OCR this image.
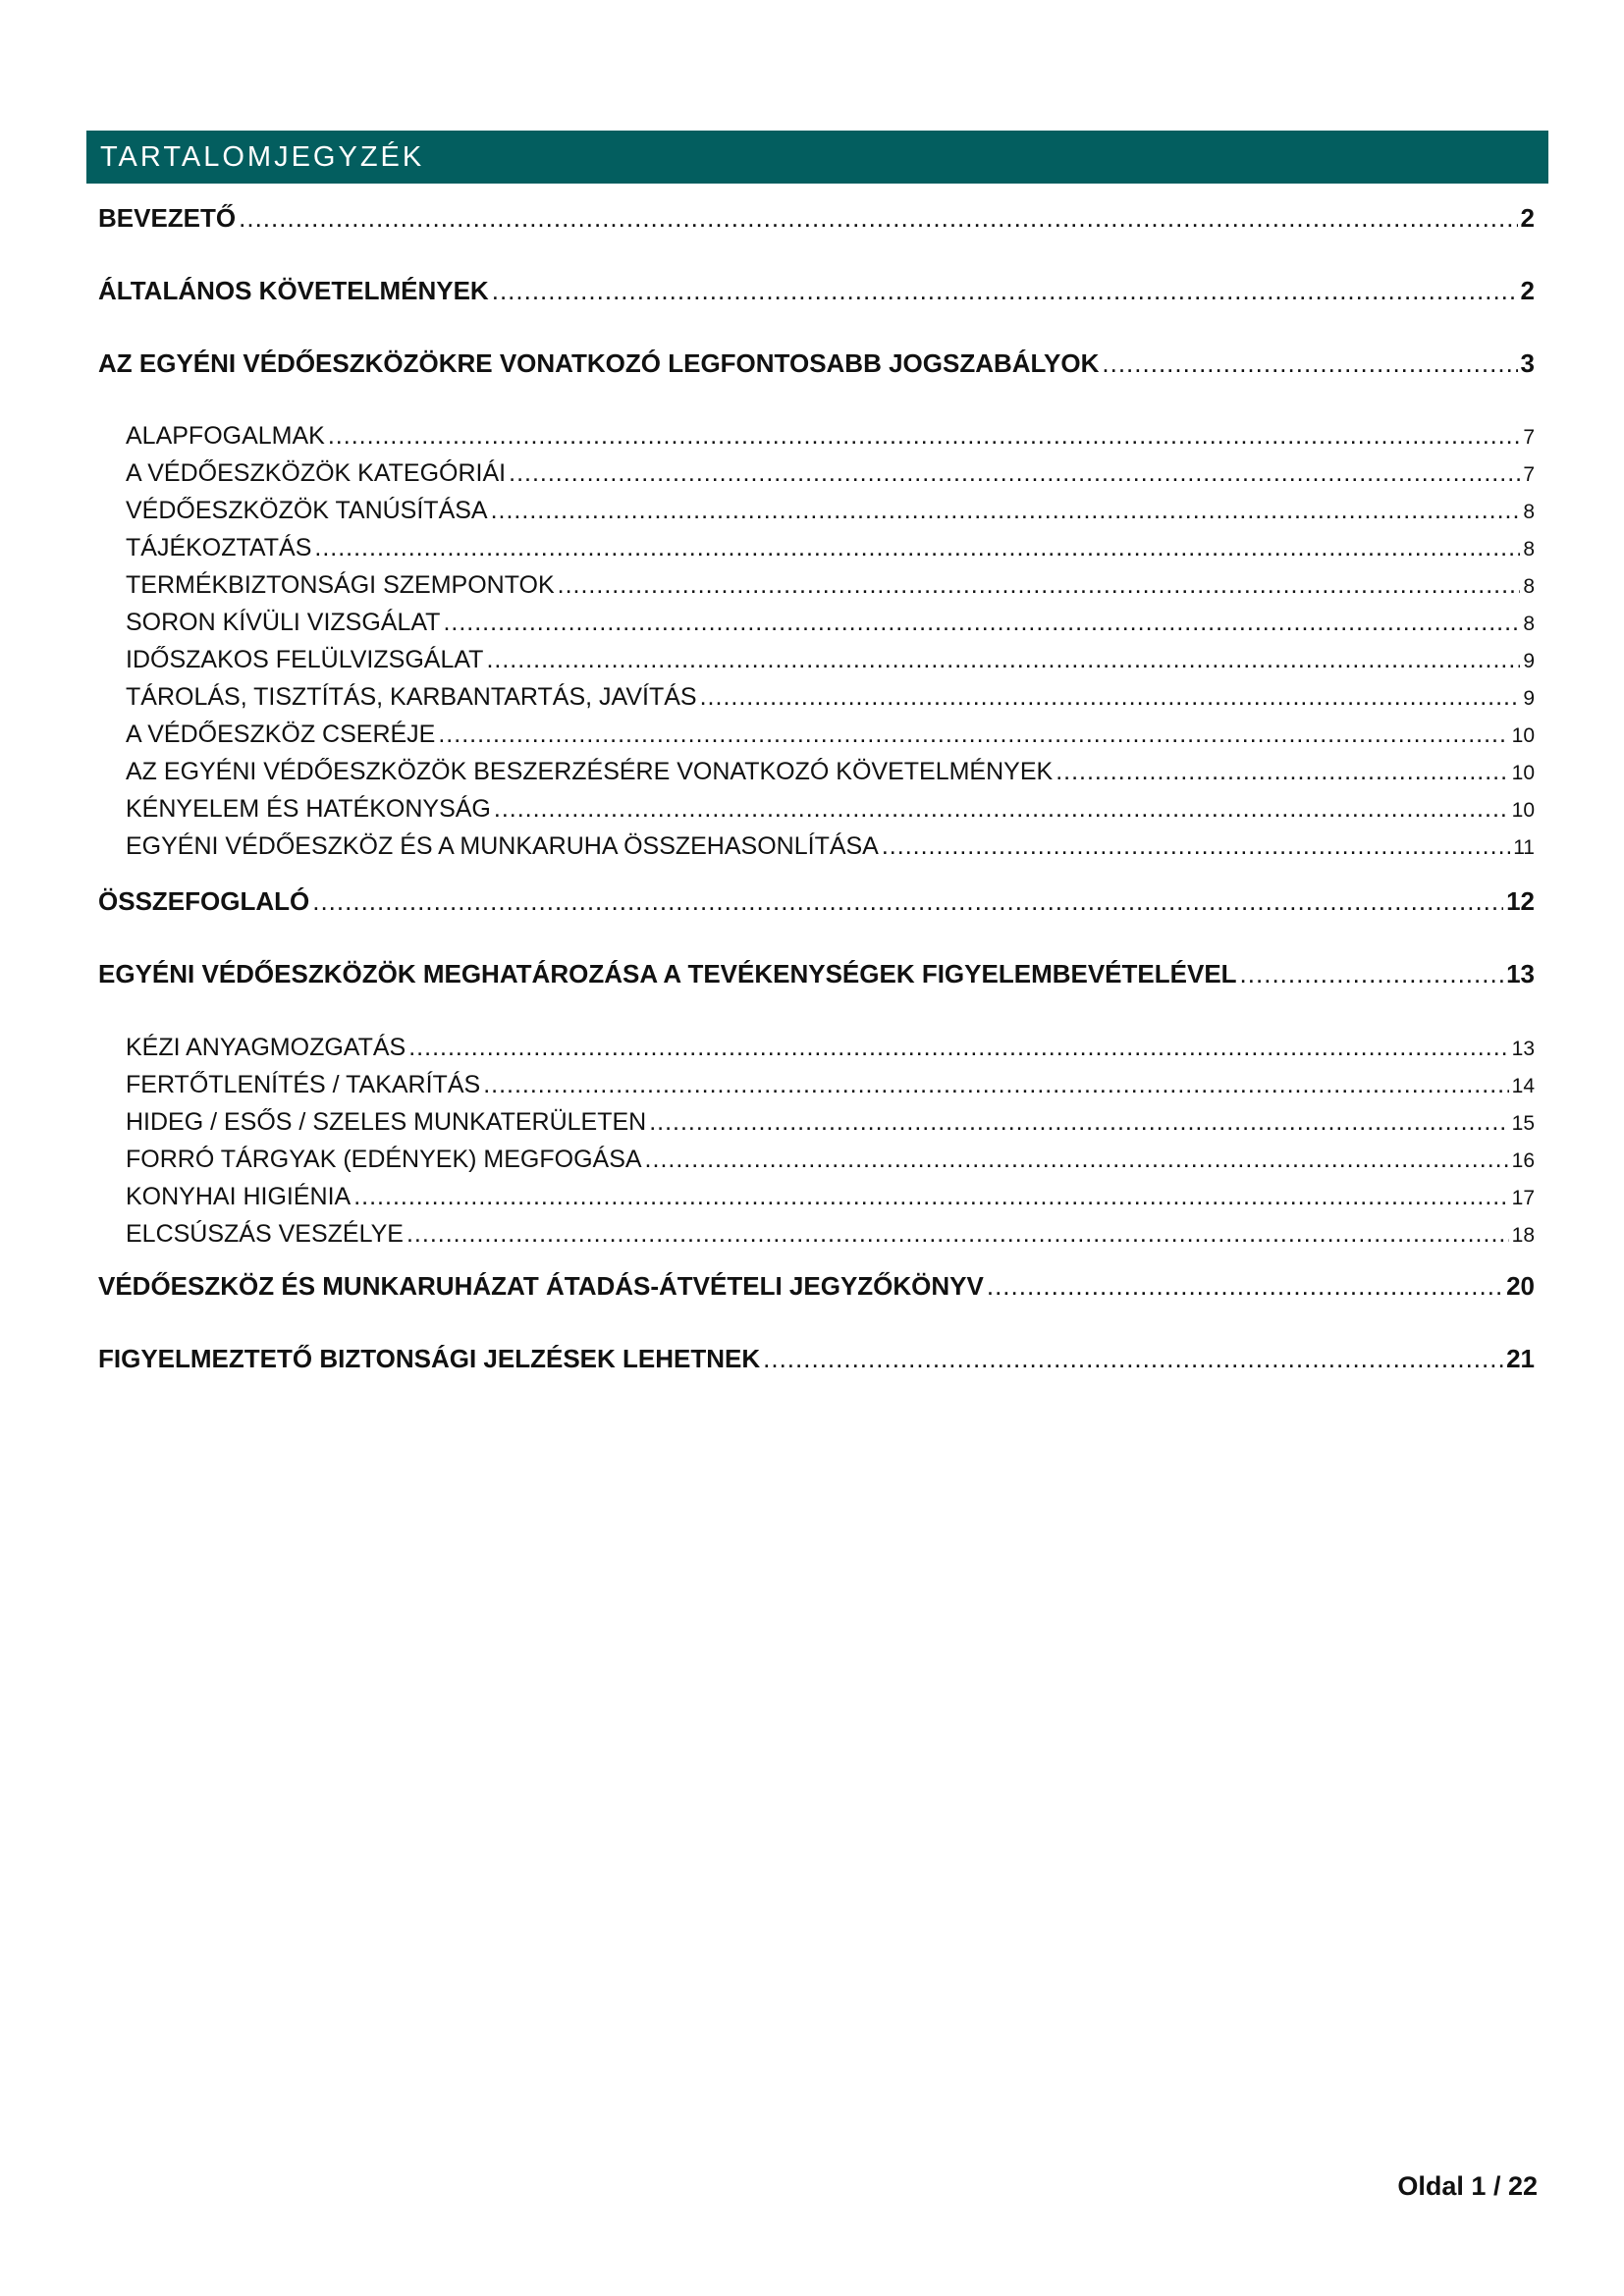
TARTALOMJEGYZÉK
BEVEZETŐ .....	2
ÁLTALÁNOS KÖVETELMÉNYEK .....	2
AZ EGYÉNI VÉDŐESZKÖZÖKRE VONATKOZÓ LEGFONTOSABB JOGSZABÁLYOK .....	3
ALAPFOGALMAK .....	7
A VÉDŐESZKÖZÖK KATEGÓRIÁI .....	7
VÉDŐESZKÖZÖK TANÚSÍTÁSA .....	8
TÁJÉKOZTATÁS .....	8
TERMÉKBIZTONSÁGI SZEMPONTOK .....	8
SORON KÍVÜLI VIZSGÁLAT .....	8
IDŐSZAKOS FELÜLVIZSGÁLAT .....	9
TÁROLÁS, TISZTÍTÁS, KARBANTARTÁS, JAVÍTÁS .....	9
A VÉDŐESZKÖZ CSERÉJE .....	10
AZ EGYÉNI VÉDŐESZKÖZÖK BESZERZÉSÉRE VONATKOZÓ KÖVETELMÉNYEK .....	10
KÉNYELEM ÉS HATÉKONYSÁG .....	10
EGYÉNI VÉDŐESZKÖZ ÉS A MUNKARUHA ÖSSZEHASONLÍTÁSA .....	11
ÖSSZEFOGLALÓ .....	12
EGYÉNI VÉDŐESZKÖZÖK MEGHATÁROZÁSA A TEVÉKENYSÉGEK FIGYELEMBEVÉTELÉVEL .....	13
KÉZI ANYAGMOZGATÁS .....	13
FERTŐTLENÍTÉS / TAKARÍTÁS .....	14
HIDEG / ESŐS / SZELES MUNKATERÜLETEN .....	15
FORRÓ TÁRGYAK (EDÉNYEK) MEGFOGÁSA .....	16
KONYHAI HIGIÉNIA .....	17
ELCSÚSZÁS VESZÉLYE .....	18
VÉDŐESZKÖZ ÉS MUNKARUHÁZAT ÁTADÁS-ÁTVÉTELI JEGYZŐKÖNYV .....	20
FIGYELMEZTETŐ BIZTONSÁGI JELZÉSEK LEHETNEK .....	21
Oldal 1 / 22
